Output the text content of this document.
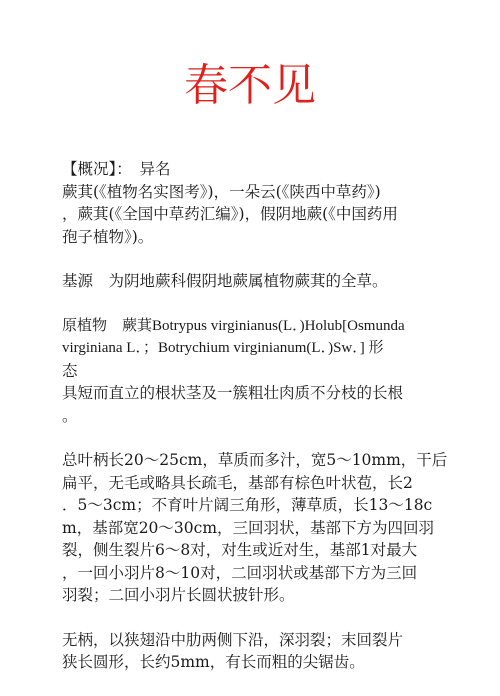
春不见
【概况】：　异名
蕨萁(《植物名实图考》)，一朵云(《陕西中草药》)
，蕨萁(《全国中草药汇编》)，假阴地蕨(《中国药用
孢子植物》)。
基源　为阴地蕨科假阴地蕨属植物蕨萁的全草。
原植物　蕨萁Botrypus virginianus(L．)Holub[Osmunda
virginiana L．；Botrychium virginianum(L．)Sw．] 形
态
具短而直立的根状茎及一簇粗壮肉质不分枝的长根
。
总叶柄长20～25cm，草质而多汁，宽5～10mm，干后
扁平，无毛或略具长疏毛，基部有棕色叶状苞，长2
．5～3cm；不育叶片阔三角形，薄草质，长13～18c
m，基部宽20～30cm，三回羽状，基部下方为四回羽
裂，侧生裂片6～8对，对生或近对生，基部1对最大
，一回小羽片8～10对，二回羽状或基部下方为三回
羽裂；二回小羽片长圆状披针形。
无柄，以狭翅沿中肋两侧下沿，深羽裂；末回裂片
狭长圆形，长约5mm，有长而粗的尖锯齿。
